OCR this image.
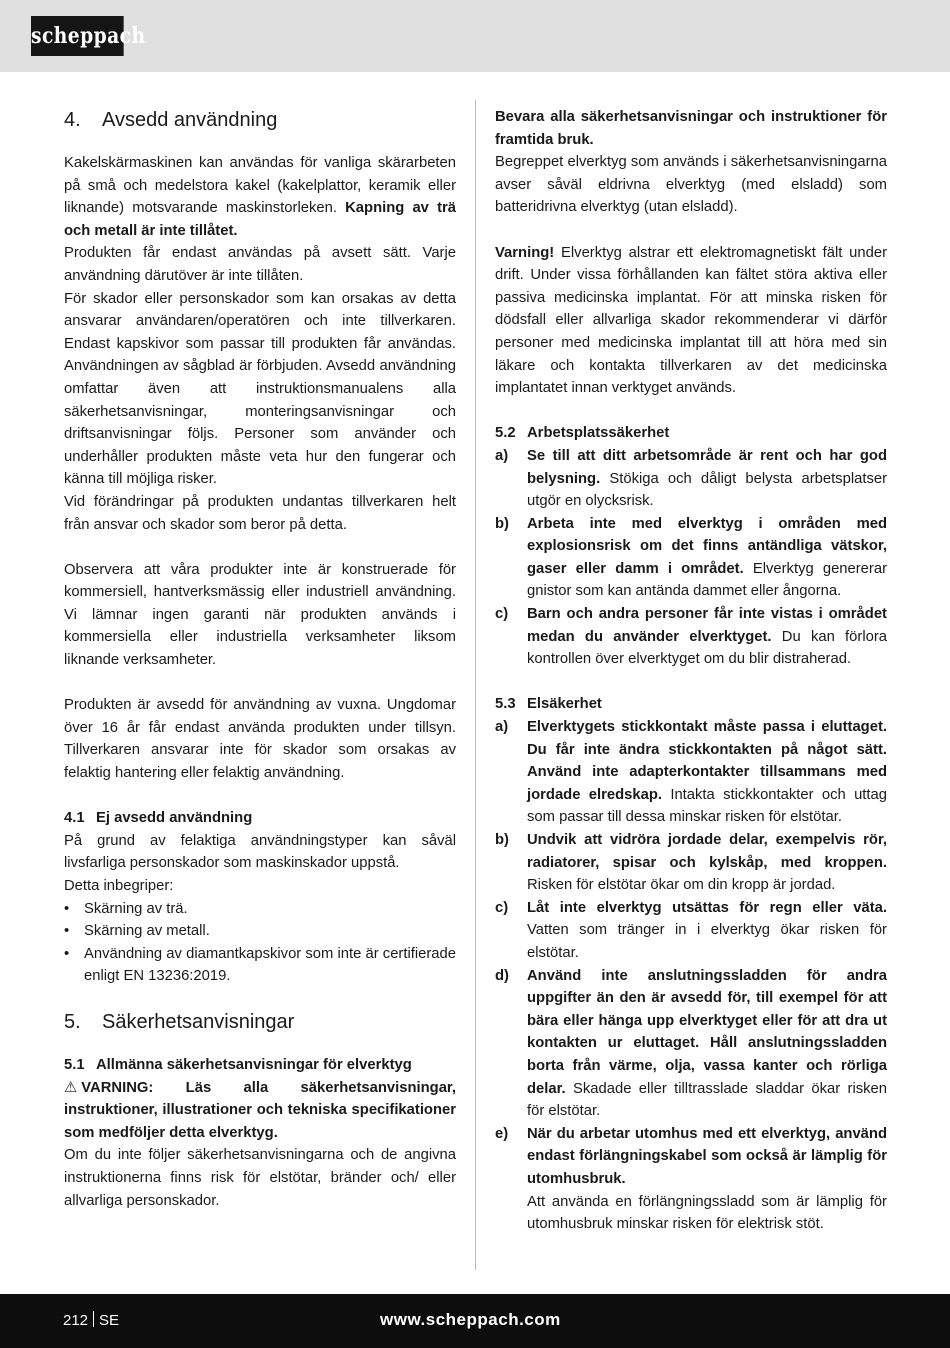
scheppach
4. Avsedd användning

Kakelskärmaskinen kan användas för vanliga skärarbeten på små och medelstora kakel (kakelplattor, keramik eller liknande) motsvarande maskinstorleken. Kapning av trä och metall är inte tillåtet.
Produkten får endast användas på avsett sätt. Varje användning därutöver är inte tillåten.
För skador eller personskador som kan orsakas av detta ansvarar användaren/operatören och inte tillverkaren. Endast kapskivor som passar till produkten får användas. Användningen av sågblad är förbjuden. Avsedd användning omfattar även att instruktionsmanualens alla säkerhetsanvisningar, monteringsanvisningar och driftsanvisningar följs. Personer som använder och underhåller produkten måste veta hur den fungerar och känna till möjliga risker.
Vid förändringar på produkten undantas tillverkaren helt från ansvar och skador som beror på detta.

Observera att våra produkter inte är konstruerade för kommersiell, hantverksmässig eller industriell användning. Vi lämnar ingen garanti när produkten används i kommersiella eller industriella verksamheter liksom liknande verksamheter.

Produkten är avsedd för användning av vuxna. Ungdomar över 16 år får endast använda produkten under tillsyn. Tillverkaren ansvarar inte för skador som orsakas av felaktig hantering eller felaktig användning.

4.1 Ej avsedd användning

På grund av felaktiga användningstyper kan såväl livsfarliga personskador som maskinskador uppstå.

Detta inbegriper:

• Skärning av trä.
• Skärning av metall.
• Användning av diamantkapskivor som inte är certifierade enligt EN 13236:2019.
5. Säkerhetsanvisningar

5.1 Allmänna säkerhetsanvisningar för elverktyg

⚠ VARNING: Läs alla säkerhetsanvisningar, instruktioner, illustrationer och tekniska specifikationer som medföljer detta elverktyg.

Om du inte följer säkerhetsanvisningarna och de angivna instruktionerna finns risk för elstötar, bränder och/ eller allvarliga personskador.

Bevara alla säkerhetsanvisningar och instruktioner för framtida bruk.
Begreppet elverktyg som används i säkerhetsanvisningarna avser såväl eldrivna elverktyg (med elsladd) som batteridrivna elverktyg (utan elsladd).

Varning! Elverktyg alstrar ett elektromagnetiskt fält under drift. Under vissa förhållanden kan fältet störa aktiva eller passiva medicinska implantat. För att minska risken för dödsfall eller allvarliga skador rekommenderar vi därför personer med medicinska implantat till att höra med sin läkare och kontakta tillverkaren av det medicinska implantatet innan verktyget används.

5.2 Arbetsplatssäkerhet

a) Se till att ditt arbetsområde är rent och har god belysning. Stökiga och dåligt belysta arbetsplatser utgör en olycksrisk.
b) Arbeta inte med elverktyg i områden med explosionsrisk om det finns antändliga vätskor, gaser eller damm i området. Elverktyg genererar gnistor som kan antända dammet eller ångorna.
c) Barn och andra personer får inte vistas i området medan du använder elverktyget. Du kan förlora kontrollen över elverktyget om du blir distraherad.

5.3 Elsäkerhet

a) Elverktygets stickkontakt måste passa i eluttaget. Du får inte ändra stickkontakten på något sätt. Använd inte adapterkontakter tillsammans med jordade elredskap. Intakta stickkontakter och uttag som passar till dessa minskar risken för elstötar.
b) Undvik att vidröra jordade delar, exempelvis rör, radiatorer, spisar och kylskåp, med kroppen. Risken för elstötar ökar om din kropp är jordad.
c) Låt inte elverktyg utsättas för regn eller väta. Vatten som tränger in i elverktyg ökar risken för elstötar.
d) Använd inte anslutningssladden för andra uppgifter än den är avsedd för, till exempel för att bära eller hänga upp elverktyget eller för att dra ut kontakten ur eluttaget. Håll anslutningssladden borta från värme, olja, vassa kanter och rörliga delar. Skadade eller tilltrasslade sladdar ökar risken för elstötar.
e) När du arbetar utomhus med ett elverktyg, använd endast förlängningskabel som också är lämplig för utomhusbruk.
Att använda en förlängningssladd som är lämplig för utomhusbruk minskar risken för elektrisk stöt.
212 SE	www.scheppach.com
